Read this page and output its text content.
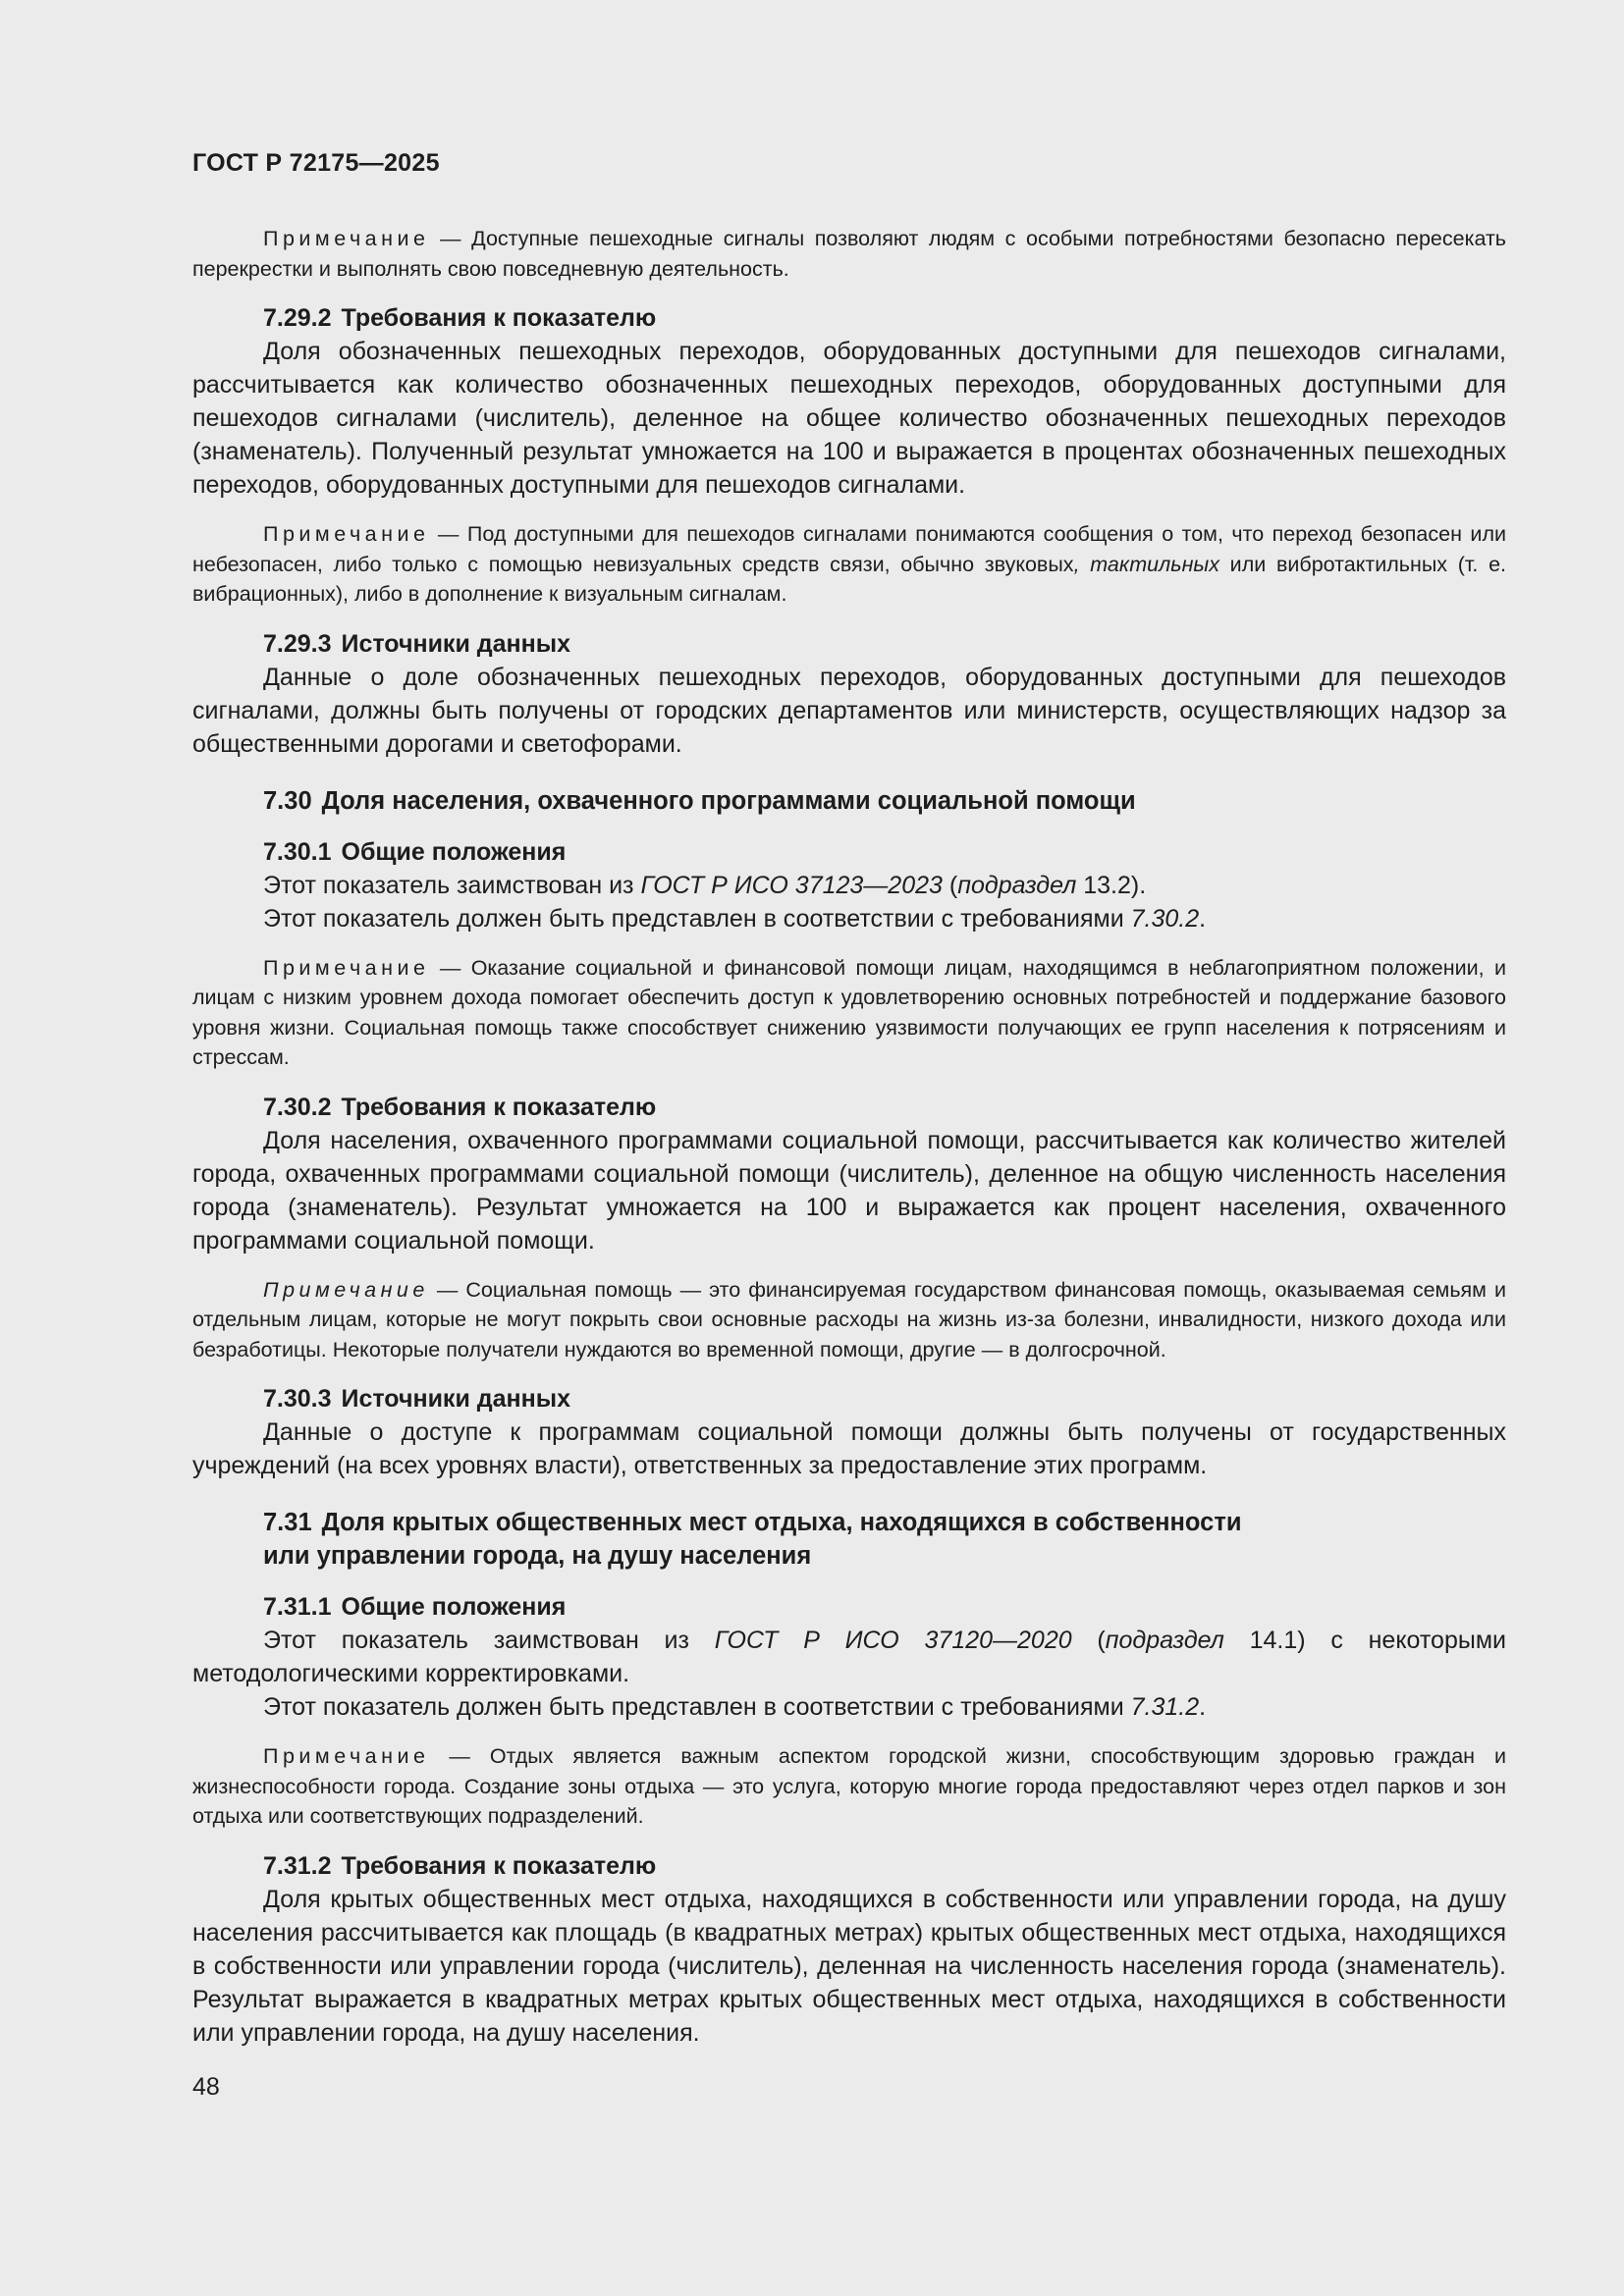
ГОСТ Р 72175—2025

Примечание — Доступные пешеходные сигналы позволяют людям с особыми потребностями безопасно пересекать перекрестки и выполнять свою повседневную деятельность.

7.29.2 Требования к показателю

Доля обозначенных пешеходных переходов, оборудованных доступными для пешеходов сигналами, рассчитывается как количество обозначенных пешеходных переходов, оборудованных доступными для пешеходов сигналами (числитель), деленное на общее количество обозначенных пешеходных переходов (знаменатель). Полученный результат умножается на 100 и выражается в процентах обозначенных пешеходных переходов, оборудованных доступными для пешеходов сигналами.

Примечание — Под доступными для пешеходов сигналами понимаются сообщения о том, что переход безопасен или небезопасен, либо только с помощью невизуальных средств связи, обычно звуковых, тактильных или вибротактильных (т. е. вибрационных), либо в дополнение к визуальным сигналам.

7.29.3 Источники данных

Данные о доле обозначенных пешеходных переходов, оборудованных доступными для пешеходов сигналами, должны быть получены от городских департаментов или министерств, осуществляющих надзор за общественными дорогами и светофорами.

7.30 Доля населения, охваченного программами социальной помощи

7.30.1 Общие положения

Этот показатель заимствован из ГОСТ Р ИСО 37123—2023 (подраздел 13.2).

Этот показатель должен быть представлен в соответствии с требованиями 7.30.2.

Примечание — Оказание социальной и финансовой помощи лицам, находящимся в неблагоприятном положении, и лицам с низким уровнем дохода помогает обеспечить доступ к удовлетворению основных потребностей и поддержание базового уровня жизни. Социальная помощь также способствует снижению уязвимости получающих ее групп населения к потрясениям и стрессам.

7.30.2 Требования к показателю

Доля населения, охваченного программами социальной помощи, рассчитывается как количество жителей города, охваченных программами социальной помощи (числитель), деленное на общую численность населения города (знаменатель). Результат умножается на 100 и выражается как процент населения, охваченного программами социальной помощи.

Примечание — Социальная помощь — это финансируемая государством финансовая помощь, оказываемая семьям и отдельным лицам, которые не могут покрыть свои основные расходы на жизнь из-за болезни, инвалидности, низкого дохода или безработицы. Некоторые получатели нуждаются во временной помощи, другие — в долгосрочной.

7.30.3 Источники данных

Данные о доступе к программам социальной помощи должны быть получены от государственных учреждений (на всех уровнях власти), ответственных за предоставление этих программ.

7.31 Доля крытых общественных мест отдыха, находящихся в собственности
или управлении города, на душу населения

7.31.1 Общие положения

Этот показатель заимствован из ГОСТ Р ИСО 37120—2020 (подраздел 14.1) с некоторыми методологическими корректировками.

Этот показатель должен быть представлен в соответствии с требованиями 7.31.2.

Примечание — Отдых является важным аспектом городской жизни, способствующим здоровью граждан и жизнеспособности города. Создание зоны отдыха — это услуга, которую многие города предоставляют через отдел парков и зон отдыха или соответствующих подразделений.

7.31.2 Требования к показателю

Доля крытых общественных мест отдыха, находящихся в собственности или управлении города, на душу населения рассчитывается как площадь (в квадратных метрах) крытых общественных мест отдыха, находящихся в собственности или управлении города (числитель), деленная на численность населения города (знаменатель). Результат выражается в квадратных метрах крытых общественных мест отдыха, находящихся в собственности или управлении города, на душу населения.

48
